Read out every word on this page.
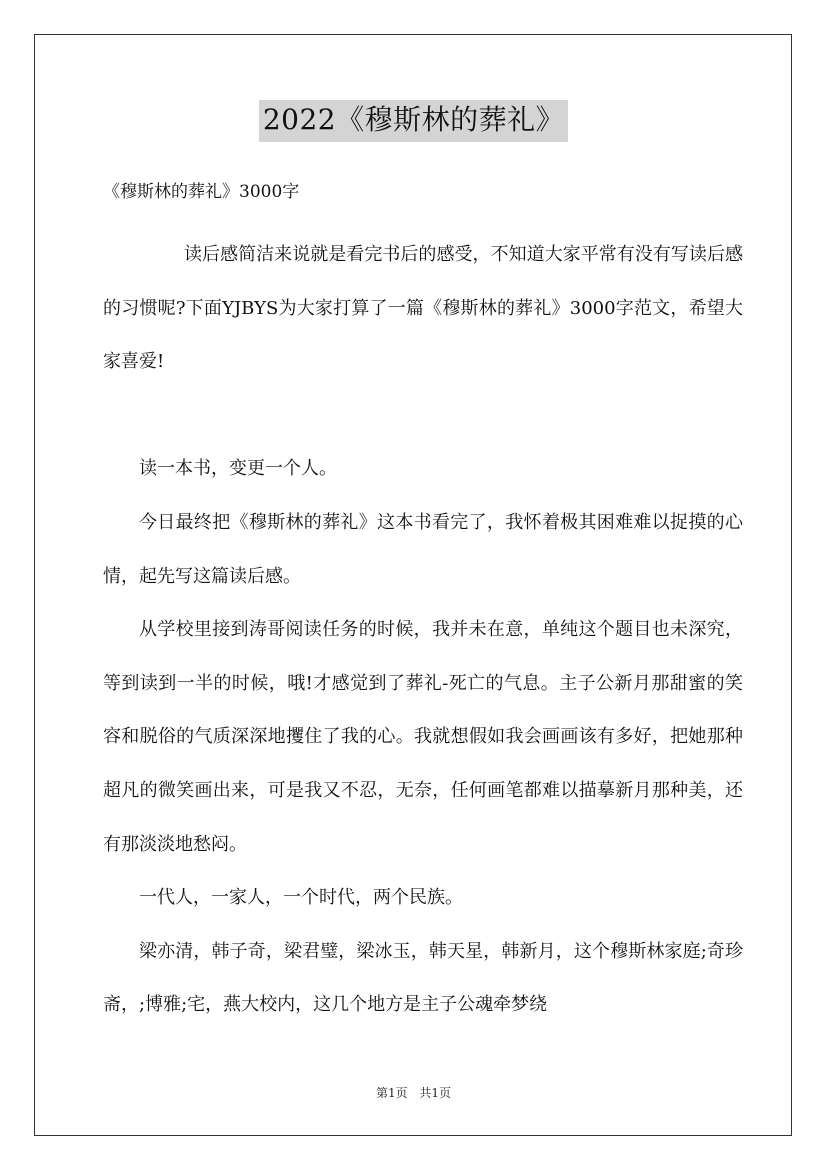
2022《穆斯林的葬礼》
《穆斯林的葬礼》3000字

读后感简洁来说就是看完书后的感受，不知道大家平常有没有写读后感的习惯呢?下面YJBYS为大家打算了一篇《穆斯林的葬礼》3000字范文，希望大家喜爱!

读一本书，变更一个人。

今日最终把《穆斯林的葬礼》这本书看完了，我怀着极其困难难以捉摸的心情，起先写这篇读后感。

从学校里接到涛哥阅读任务的时候，我并未在意，单纯这个题目也未深究，等到读到一半的时候，哦!才感觉到了葬礼-死亡的气息。主子公新月那甜蜜的笑容和脱俗的气质深深地攫住了我的心。我就想假如我会画画该有多好，把她那种超凡的微笑画出来，可是我又不忍，无奈，任何画笔都难以描摹新月那种美，还有那淡淡地愁闷。

一代人，一家人，一个时代，两个民族。

梁亦清，韩子奇，梁君璧，梁冰玉，韩天星，韩新月，这个穆斯林家庭;奇珍斋，;博雅;宅，燕大校内，这几个地方是主子公魂牵梦绕

第1页 共1页
